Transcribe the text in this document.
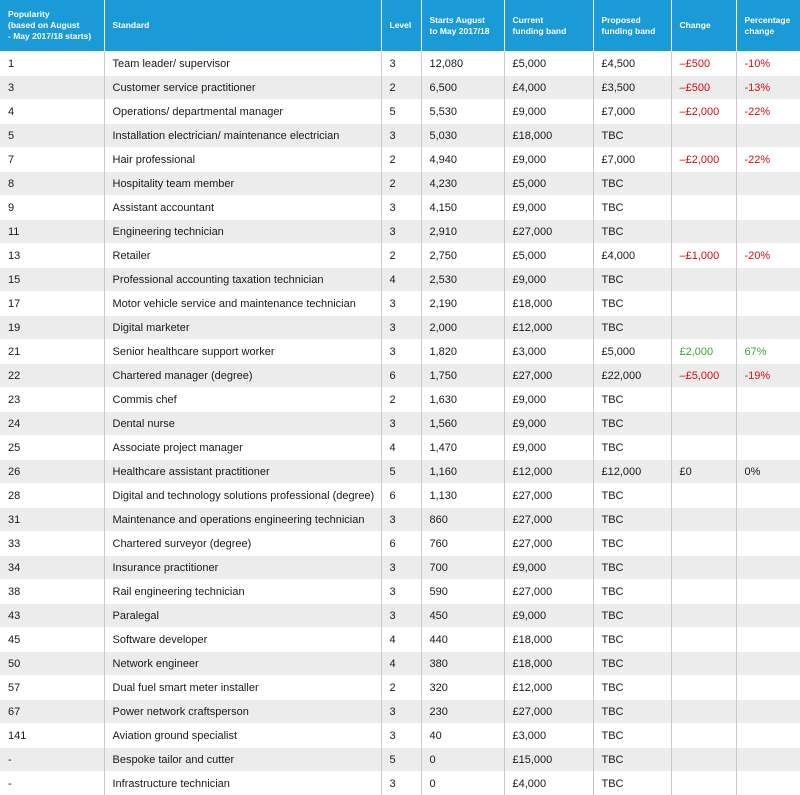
Popularity
(based on August
- May 2017/18 starts)	Standard	Level	Starts August
to May 2017/18	Current
funding band	Proposed
funding band	Change	Percentage
change
1	Team leader/ supervisor	3	12,080	£5,000	£4,500	–£500	-10%
3	Customer service practitioner	2	6,500	£4,000	£3,500	–£500	-13%
4	Operations/ departmental manager	5	5,530	£9,000	£7,000	–£2,000	-22%
5	Installation electrician/ maintenance electrician	3	5,030	£18,000	TBC		
7	Hair professional	2	4,940	£9,000	£7,000	–£2,000	-22%
8	Hospitality team member	2	4,230	£5,000	TBC		
9	Assistant accountant	3	4,150	£9,000	TBC		
11	Engineering technician	3	2,910	£27,000	TBC		
13	Retailer	2	2,750	£5,000	£4,000	–£1,000	-20%
15	Professional accounting taxation technician	4	2,530	£9,000	TBC		
17	Motor vehicle service and maintenance technician	3	2,190	£18,000	TBC		
19	Digital marketer	3	2,000	£12,000	TBC		
21	Senior healthcare support worker	3	1,820	£3,000	£5,000	£2,000	67%
22	Chartered manager (degree)	6	1,750	£27,000	£22,000	–£5,000	-19%
23	Commis chef	2	1,630	£9,000	TBC		
24	Dental nurse	3	1,560	£9,000	TBC		
25	Associate project manager	4	1,470	£9,000	TBC		
26	Healthcare assistant practitioner	5	1,160	£12,000	£12,000	£0	0%
28	Digital and technology solutions professional (degree)	6	1,130	£27,000	TBC		
31	Maintenance and operations engineering technician	3	860	£27,000	TBC		
33	Chartered surveyor (degree)	6	760	£27,000	TBC		
34	Insurance practitioner	3	700	£9,000	TBC		
38	Rail engineering technician	3	590	£27,000	TBC		
43	Paralegal	3	450	£9,000	TBC		
45	Software developer	4	440	£18,000	TBC		
50	Network engineer	4	380	£18,000	TBC		
57	Dual fuel smart meter installer	2	320	£12,000	TBC		
67	Power network craftsperson	3	230	£27,000	TBC		
141	Aviation ground specialist	3	40	£3,000	TBC		
-	Bespoke tailor and cutter	5	0	£15,000	TBC		
-	Infrastructure technician	3	0	£4,000	TBC		
